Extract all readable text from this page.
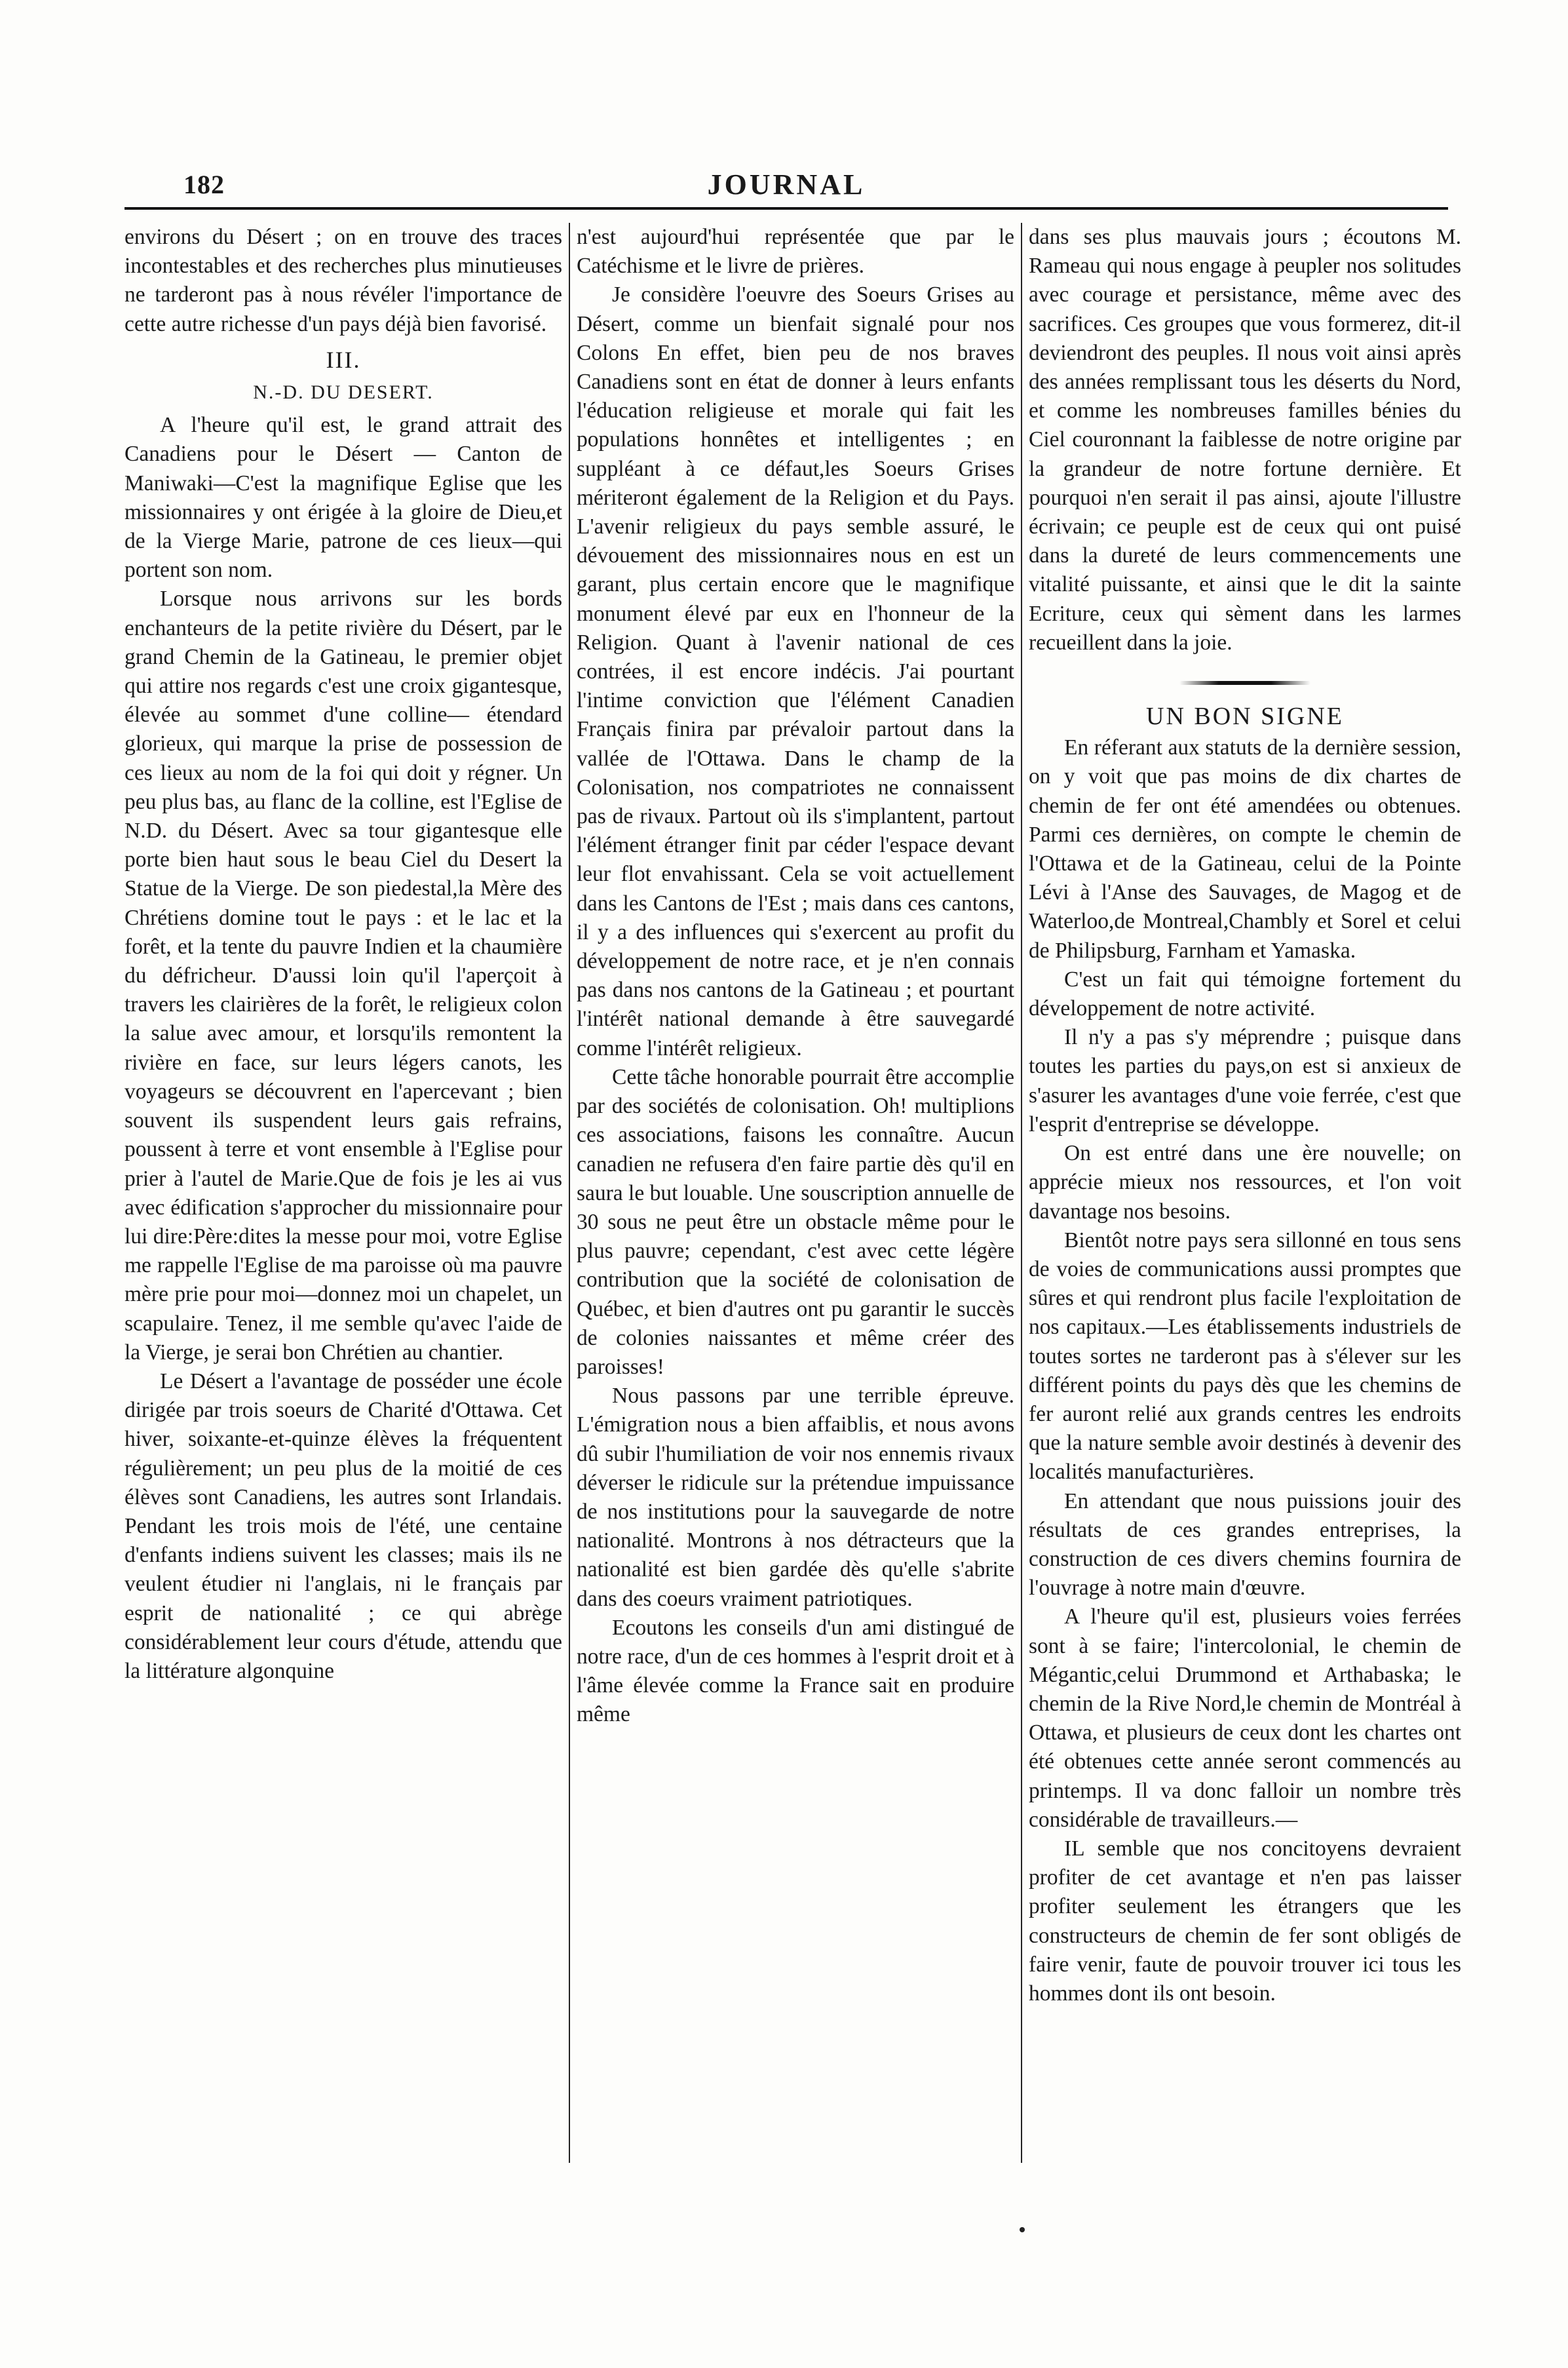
182	JOURNAL

environs du Désert ; on en trouve des traces incontestables et des recherches plus minutieuses ne tarderont pas à nous révéler l'importance de cette autre richesse d'un pays déjà bien favorisé.

III.
N.-D. DU DESERT.

A l'heure qu'il est, le grand attrait des Canadiens pour le Désert — Canton de Maniwaki—C'est la magnifique Eglise que les missionnaires y ont érigée à la gloire de Dieu,et de la Vierge Marie, patrone de ces lieux—qui portent son nom.

Lorsque nous arrivons sur les bords enchanteurs de la petite rivière du Désert, par le grand Chemin de la Gatineau, le premier objet qui attire nos regards c'est une croix gigantesque, élevée au sommet d'une colline— étendard glorieux, qui marque la prise de possession de ces lieux au nom de la foi qui doit y régner. Un peu plus bas, au flanc de la colline, est l'Eglise de N.D. du Désert. Avec sa tour gigantesque elle porte bien haut sous le beau Ciel du Desert la Statue de la Vierge. De son piedestal,la Mère des Chrétiens domine tout le pays : et le lac et la forêt, et la tente du pauvre Indien et la chaumière du défricheur. D'aussi loin qu'il l'aperçoit à travers les clairières de la forêt, le religieux colon la salue avec amour, et lorsqu'ils remontent la rivière en face, sur leurs légers canots, les voyageurs se découvrent en l'apercevant ; bien souvent ils suspendent leurs gais refrains, poussent à terre et vont ensemble à l'Eglise pour prier à l'autel de Marie.Que de fois je les ai vus avec édification s'approcher du missionnaire pour lui dire:Père:dites la messe pour moi, votre Eglise me rappelle l'Eglise de ma paroisse où ma pauvre mère prie pour moi—donnez moi un chapelet, un scapulaire. Tenez, il me semble qu'avec l'aide de la Vierge, je serai bon Chrétien au chantier.

Le Désert a l'avantage de posséder une école dirigée par trois soeurs de Charité d'Ottawa. Cet hiver, soixante-et-quinze élèves la fréquentent régulièrement; un peu plus de la moitié de ces élèves sont Canadiens, les autres sont Irlandais. Pendant les trois mois de l'été, une centaine d'enfants indiens suivent les classes; mais ils ne veulent étudier ni l'anglais, ni le français par esprit de nationalité ; ce qui abrège considérablement leur cours d'étude, attendu que la littérature algonquine

n'est aujourd'hui représentée que par le Catéchisme et le livre de prières.

Je considère l'oeuvre des Soeurs Grises au Désert, comme un bienfait signalé pour nos Colons En effet, bien peu de nos braves Canadiens sont en état de donner à leurs enfants l'éducation religieuse et morale qui fait les populations honnêtes et intelligentes ; en suppléant à ce défaut,les Soeurs Grises mériteront également de la Religion et du Pays. L'avenir religieux du pays semble assuré, le dévouement des missionnaires nous en est un garant, plus certain encore que le magnifique monument élevé par eux en l'honneur de la Religion. Quant à l'avenir national de ces contrées, il est encore indécis. J'ai pourtant l'intime conviction que l'élément Canadien Français finira par prévaloir partout dans la vallée de l'Ottawa. Dans le champ de la Colonisation, nos compatriotes ne connaissent pas de rivaux. Partout où ils s'implantent, partout l'élément étranger finit par céder l'espace devant leur flot envahissant. Cela se voit actuellement dans les Cantons de l'Est ; mais dans ces cantons, il y a des influences qui s'exercent au profit du développement de notre race, et je n'en connais pas dans nos cantons de la Gatineau ; et pourtant l'intérêt national demande à être sauvegardé comme l'intérêt religieux.

Cette tâche honorable pourrait être accomplie par des sociétés de colonisation. Oh! multiplions ces associations, faisons les connaître. Aucun canadien ne refusera d'en faire partie dès qu'il en saura le but louable. Une souscription annuelle de 30 sous ne peut être un obstacle même pour le plus pauvre; cependant, c'est avec cette légère contribution que la société de colonisation de Québec, et bien d'autres ont pu garantir le succès de colonies naissantes et même créer des paroisses!

Nous passons par une terrible épreuve. L'émigration nous a bien affaiblis, et nous avons dû subir l'humiliation de voir nos ennemis rivaux déverser le ridicule sur la prétendue impuissance de nos institutions pour la sauvegarde de notre nationalité. Montrons à nos détracteurs que la nationalité est bien gardée dès qu'elle s'abrite dans des coeurs vraiment patriotiques.

Ecoutons les conseils d'un ami distingué de notre race, d'un de ces hommes à l'esprit droit et à l'âme élevée comme la France sait en produire même

dans ses plus mauvais jours ; écoutons M. Rameau qui nous engage à peupler nos solitudes avec courage et persistance, même avec des sacrifices. Ces groupes que vous formerez, dit-il deviendront des peuples. Il nous voit ainsi après des années remplissant tous les déserts du Nord, et comme les nombreuses familles bénies du Ciel couronnant la faiblesse de notre origine par la grandeur de notre fortune dernière. Et pourquoi n'en serait il pas ainsi, ajoute l'illustre écrivain; ce peuple est de ceux qui ont puisé dans la dureté de leurs commencements une vitalité puissante, et ainsi que le dit la sainte Ecriture, ceux qui sèment dans les larmes recueillent dans la joie.

UN BON SIGNE

En réferant aux statuts de la dernière session, on y voit que pas moins de dix chartes de chemin de fer ont été amendées ou obtenues. Parmi ces dernières, on compte le chemin de l'Ottawa et de la Gatineau, celui de la Pointe Lévi à l'Anse des Sauvages, de Magog et de Waterloo,de Montreal,Chambly et Sorel et celui de Philipsburg, Farnham et Yamaska.

C'est un fait qui témoigne fortement du développement de notre activité.

Il n'y a pas s'y méprendre ; puisque dans toutes les parties du pays,on est si anxieux de s'asurer les avantages d'une voie ferrée, c'est que l'esprit d'entreprise se développe.

On est entré dans une ère nouvelle; on apprécie mieux nos ressources, et l'on voit davantage nos besoins.

Bientôt notre pays sera sillonné en tous sens de voies de communications aussi promptes que sûres et qui rendront plus facile l'exploitation de nos capitaux.—Les établissements industriels de toutes sortes ne tarderont pas à s'élever sur les différent points du pays dès que les chemins de fer auront relié aux grands centres les endroits que la nature semble avoir destinés à devenir des localités manufacturières.

En attendant que nous puissions jouir des résultats de ces grandes entreprises, la construction de ces divers chemins fournira de l'ouvrage à notre main d'œuvre.

A l'heure qu'il est, plusieurs voies ferrées sont à se faire; l'intercolonial, le chemin de Mégantic,celui Drummond et Arthabaska; le chemin de la Rive Nord,le chemin de Montréal à Ottawa, et plusieurs de ceux dont les chartes ont été obtenues cette année seront commencés au printemps. Il va donc falloir un nombre très considérable de travailleurs.—

IL semble que nos concitoyens devraient profiter de cet avantage et n'en pas laisser profiter seulement les étrangers que les constructeurs de chemin de fer sont obligés de faire venir, faute de pouvoir trouver ici tous les hommes dont ils ont besoin.
